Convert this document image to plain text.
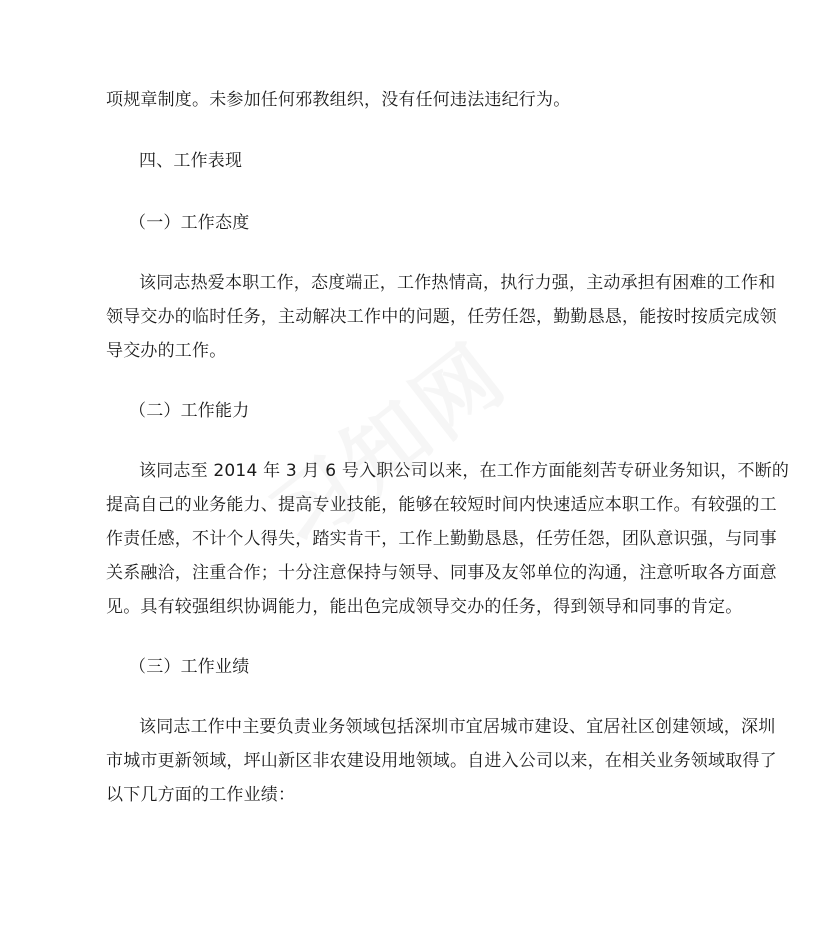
项规章制度。未参加任何邪教组织，没有任何违法违纪行为。
四、工作表现
（一）工作态度
该同志热爱本职工作，态度端正，工作热情高，执行力强，主动承担有困难的工作和
领导交办的临时任务，主动解决工作中的问题，任劳任怨，勤勤恳恳，能按时按质完成领
导交办的工作。
（二）工作能力
该同志至 2014 年 3 月 6 号入职公司以来，在工作方面能刻苦专研业务知识，不断的
提高自己的业务能力、提高专业技能，能够在较短时间内快速适应本职工作。有较强的工
作责任感，不计个人得失，踏实肯干，工作上勤勤恳恳，任劳任怨，团队意识强，与同事
关系融洽，注重合作；十分注意保持与领导、同事及友邻单位的沟通，注意听取各方面意
见。具有较强组织协调能力，能出色完成领导交办的任务，得到领导和同事的肯定。
（三）工作业绩
该同志工作中主要负责业务领域包括深圳市宜居城市建设、宜居社区创建领域，深圳
市城市更新领域，坪山新区非农建设用地领域。自进入公司以来，在相关业务领域取得了
以下几方面的工作业绩：
